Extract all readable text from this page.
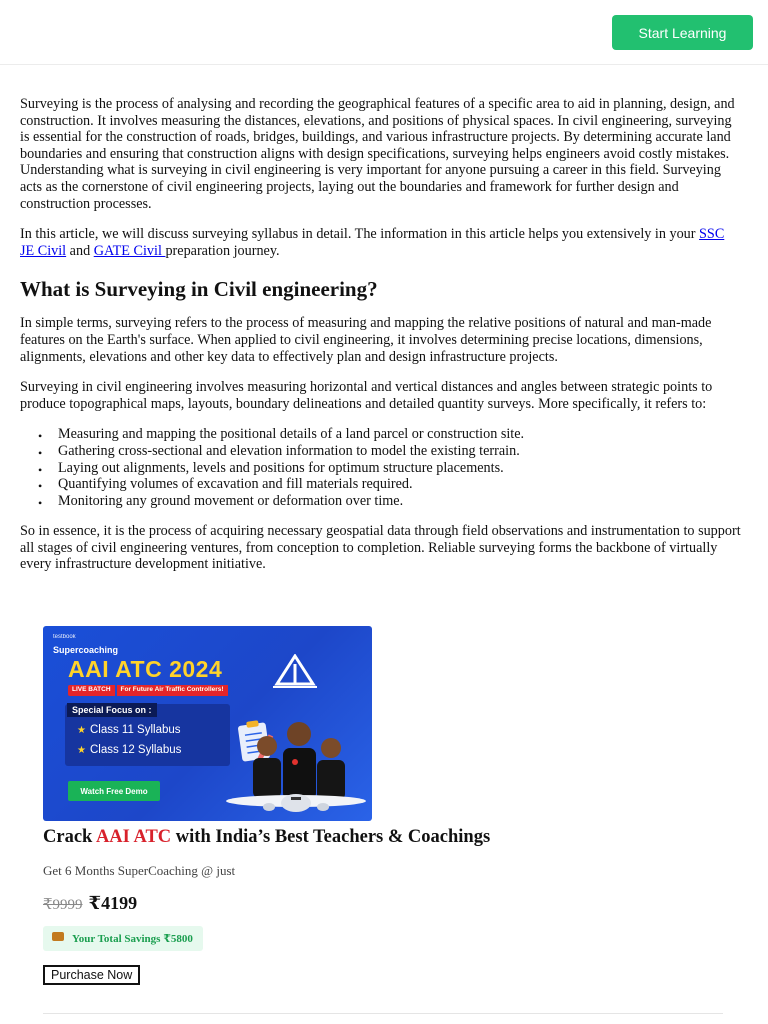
Start Learning

Surveying is the process of analysing and recording the geographical features of a specific area to aid in planning, design, and construction. It involves measuring the distances, elevations, and positions of physical spaces. In civil engineering, surveying is essential for the construction of roads, bridges, buildings, and various infrastructure projects. By determining accurate land boundaries and ensuring that construction aligns with design specifications, surveying helps engineers avoid costly mistakes. Understanding what is surveying in civil engineering is very important for anyone pursuing a career in this field. Surveying acts as the cornerstone of civil engineering projects, laying out the boundaries and framework for further design and construction processes.

In this article, we will discuss surveying syllabus in detail. The information in this article helps you extensively in your SSC JE Civil and GATE Civil preparation journey.

What is Surveying in Civil engineering?

In simple terms, surveying refers to the process of measuring and mapping the relative positions of natural and man-made features on the Earth's surface. When applied to civil engineering, it involves determining precise locations, dimensions, alignments, elevations and other key data to effectively plan and design infrastructure projects.

Surveying in civil engineering involves measuring horizontal and vertical distances and angles between strategic points to produce topographical maps, layouts, boundary delineations and detailed quantity surveys. More specifically, it refers to:

• Measuring and mapping the positional details of a land parcel or construction site.
• Gathering cross-sectional and elevation information to model the existing terrain.
• Laying out alignments, levels and positions for optimum structure placements.
• Quantifying volumes of excavation and fill materials required.
• Monitoring any ground movement or deformation over time.

So in essence, it is the process of acquiring necessary geospatial data through field observations and instrumentation to support all stages of civil engineering ventures, from conception to completion. Reliable surveying forms the backbone of virtually every infrastructure development initiative.

testbook
Supercoaching
AAI ATC 2024
LIVE BATCH	For Future Air Traffic Controllers!
Special Focus on :
★ Class 11 Syllabus
★ Class 12 Syllabus
Watch Free Demo
Crack AAI ATC with India’s Best Teachers & Coachings
Get 6 Months SuperCoaching @ just
₹9999 ₹4199
Your Total Savings ₹5800
Purchase Now
